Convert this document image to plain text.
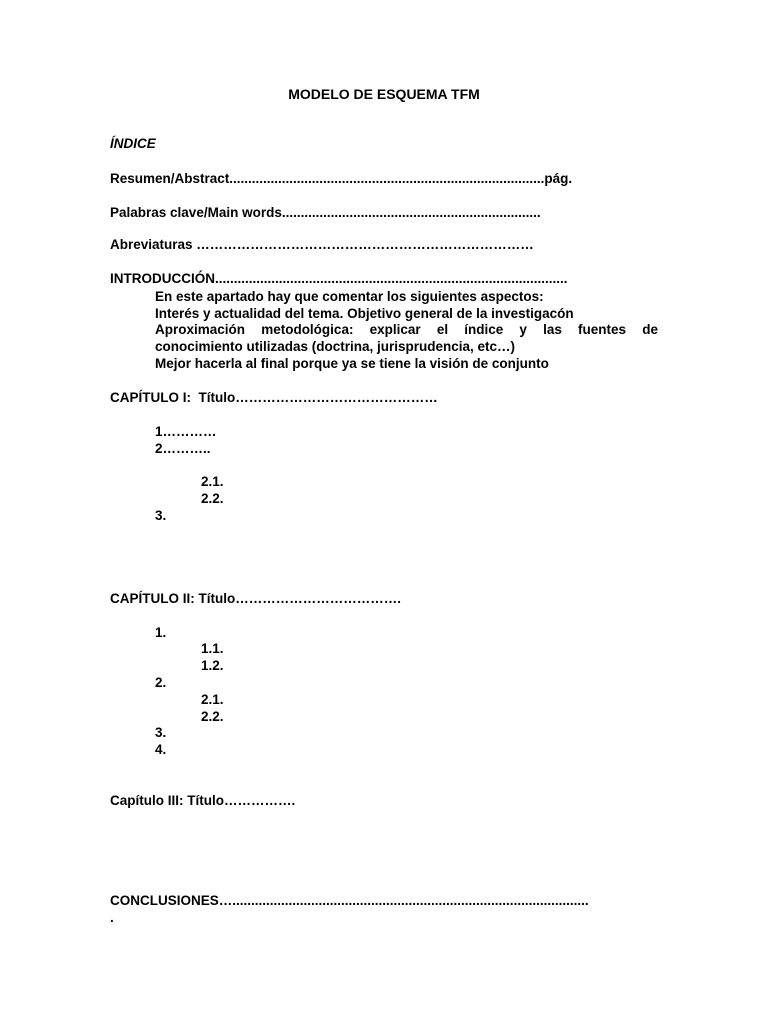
MODELO DE ESQUEMA TFM
ÍNDICE
Resumen/Abstract....................................................................................pág.
Palabras clave/Main words.....................................................................
Abreviaturas …………………………………………………………………
INTRODUCCIÓN..............................................................................................
En este apartado hay que comentar los siguientes aspectos:
Interés y actualidad del tema. Objetivo general de la investigacón
Aproximación metodológica: explicar el índice y las fuentes de
conocimiento utilizadas (doctrina, jurisprudencia, etc…)
Mejor hacerla al final porque ya se tiene la visión de conjunto
CAPÍTULO I:  Título………………………………………
1…………
2………..
2.1.
2.2.
3.
CAPÍTULO II: Título……………………………….
1.
1.1.
1.2.
2.
2.1.
2.2.
3.
4.
Capítulo III: Título…………….
CONCLUSIONES…...............................................................................................
.
